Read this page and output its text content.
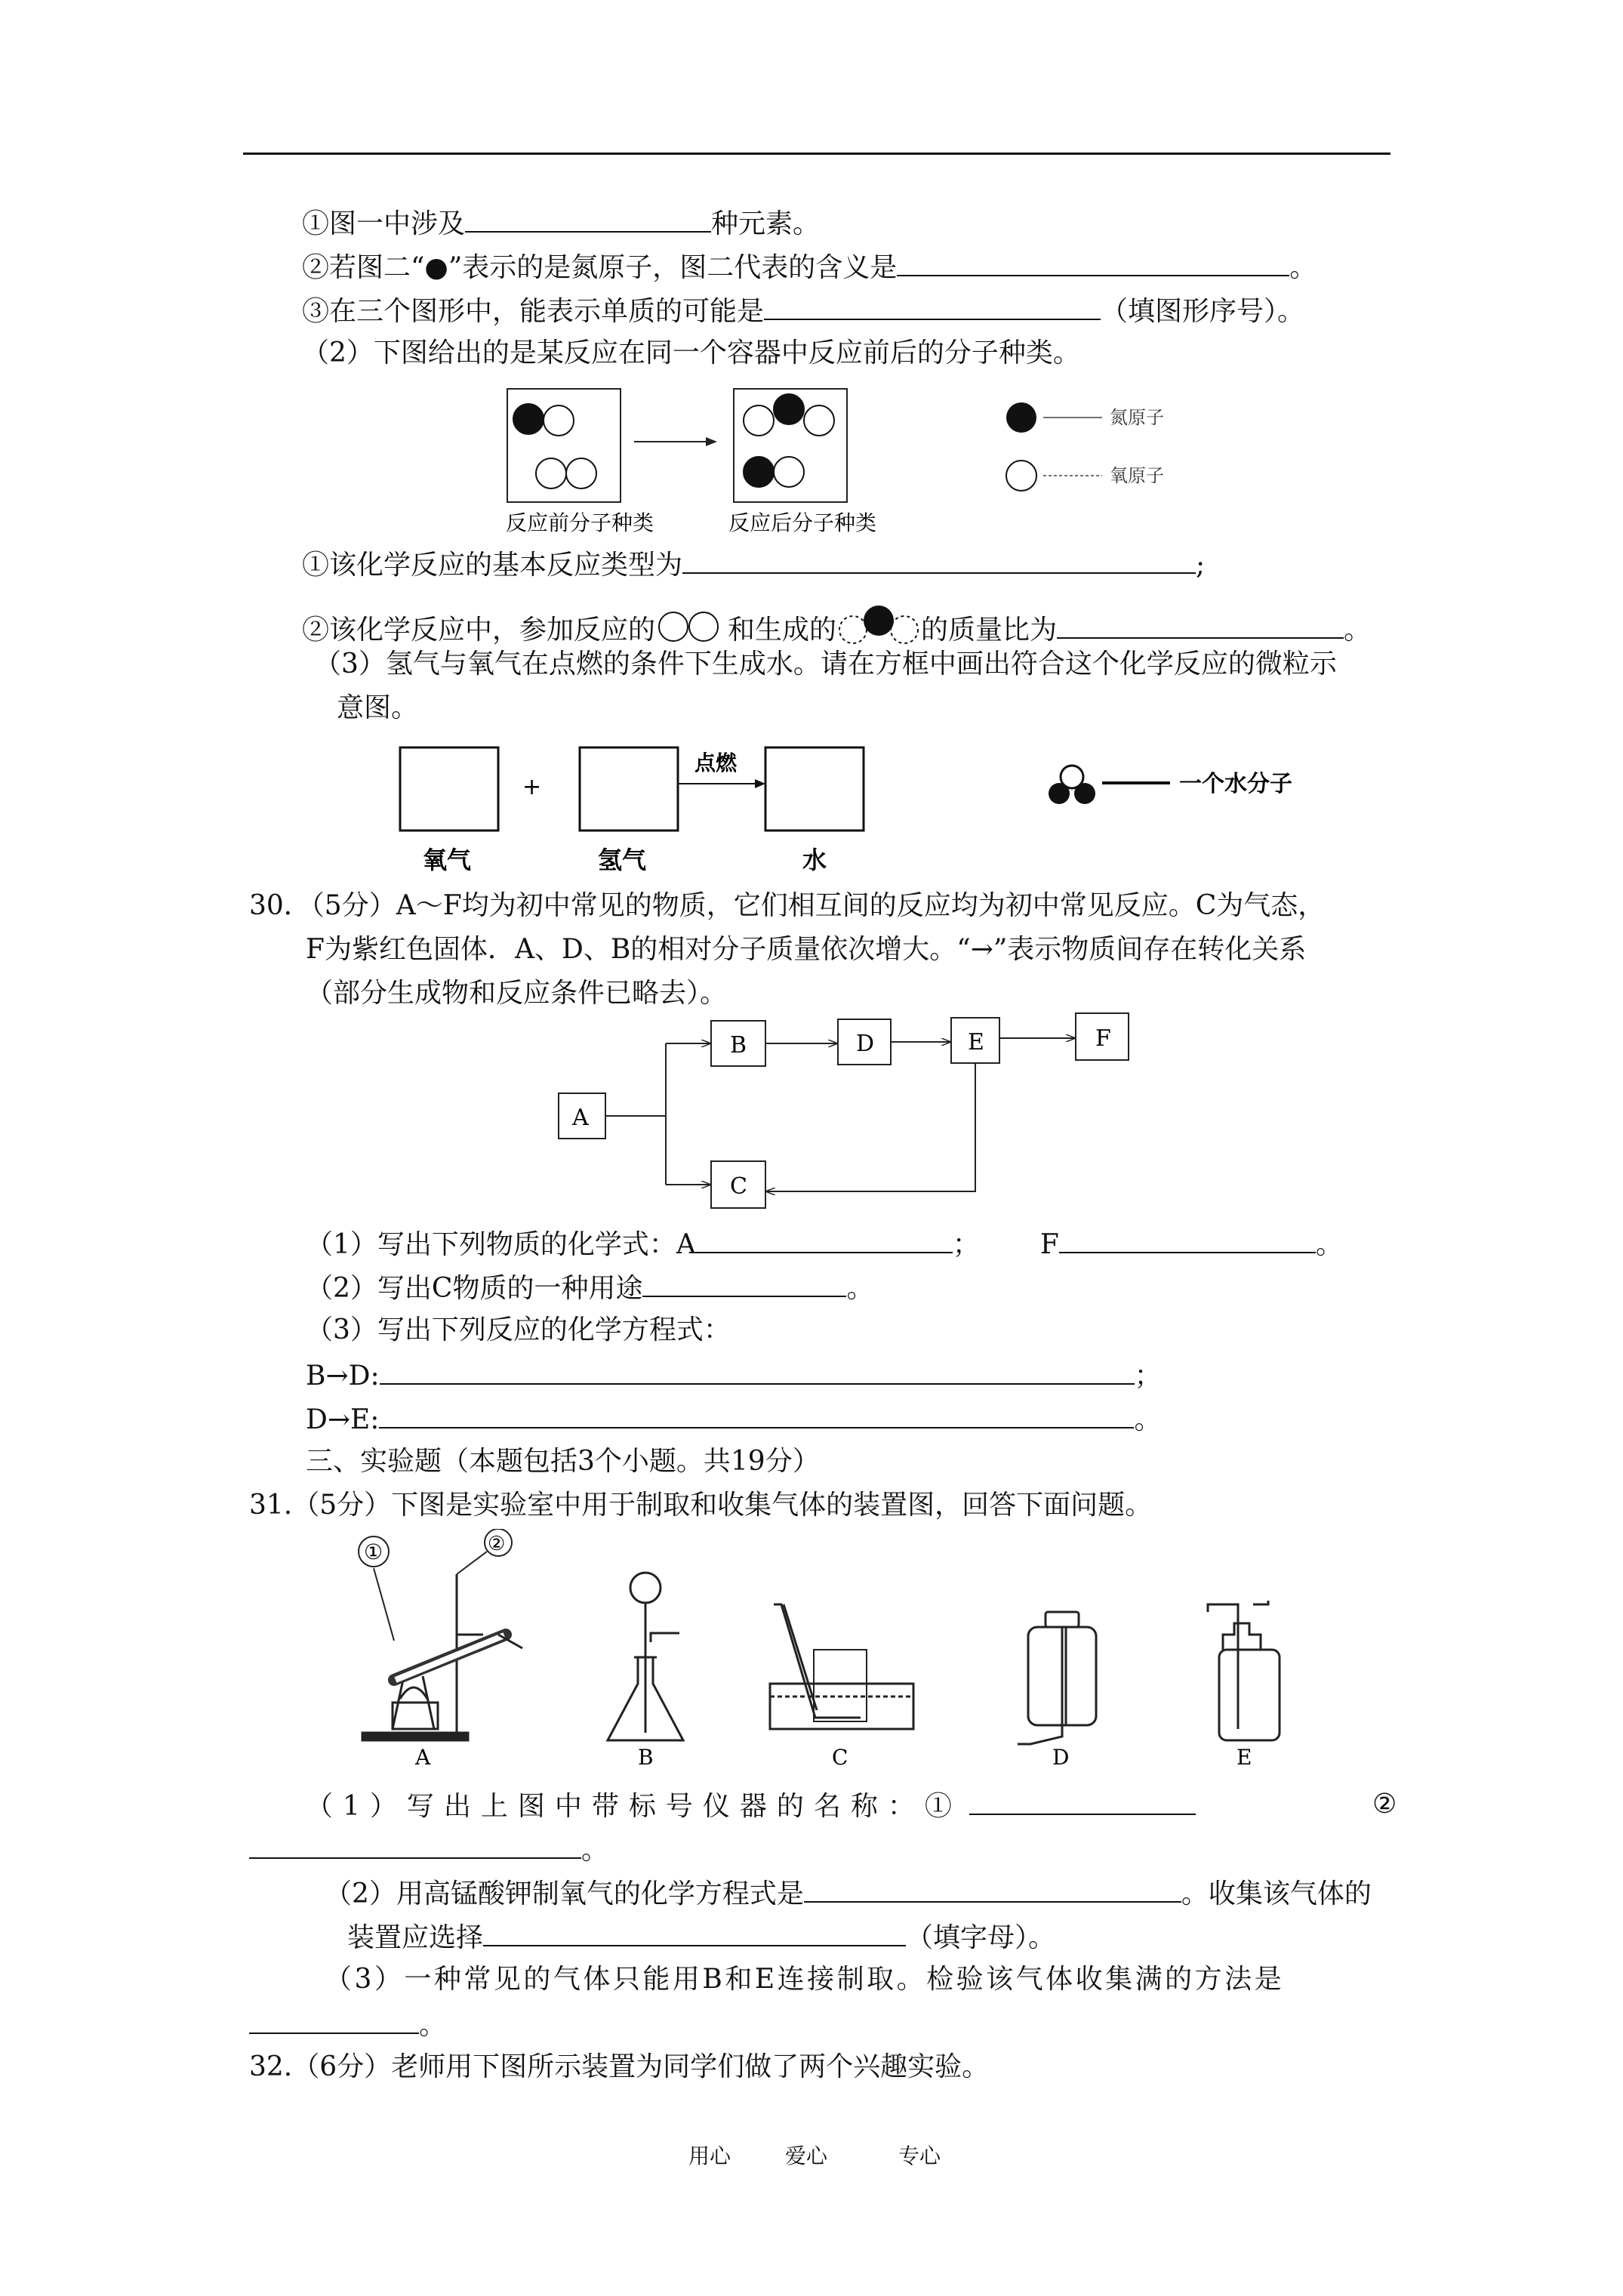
①图一中涉及	种元素。
②若图二“●”表示的是氮原子，图二代表的含义是	。
③在三个图形中，能表示单质的可能是	（填图形序号）。
（2）下图给出的是某反应在同一个容器中反应前后的分子种类。
反应前分子种类	反应后分子种类
氮原子
氧原子
①该化学反应的基本反应类型为	;
②该化学反应中，参加反应的	和生成的	的质量比为	。
（3）氢气与氧气在点燃的条件下生成水。请在方框中画出符合这个化学反应的微粒示
意图。
+
点燃
氧气	氢气	水
一个水分子
30．（5分）A～F均为初中常见的物质，它们相互间的反应均为初中常见反应。C为气态，
F为紫红色固体．A、D、B的相对分子质量依次增大。“→”表示物质间存在转化关系
（部分生成物和反应条件已略去）。
A
B
C
D	E	F
（1）写出下列物质的化学式：A	； F	。
（2）写出C物质的一种用途	。
（3）写出下列反应的化学方程式：
B→D:	；
D→E:	。
三、实验题（本题包括3个小题。共19分）
31.（5分）下图是实验室中用于制取和收集气体的装置图，回答下面问题。
①	②
A	B	C	D	E
（1）写出上图中带标号仪器的名称：①	②
。
（2）用高锰酸钾制氧气的化学方程式是	。收集该气体的
装置应选择	（填字母）。
（3）一种常见的气体只能用B和E连接制取。检验该气体收集满的方法是
。
32.（6分）老师用下图所示装置为同学们做了两个兴趣实验。
用心	爱心	专心
